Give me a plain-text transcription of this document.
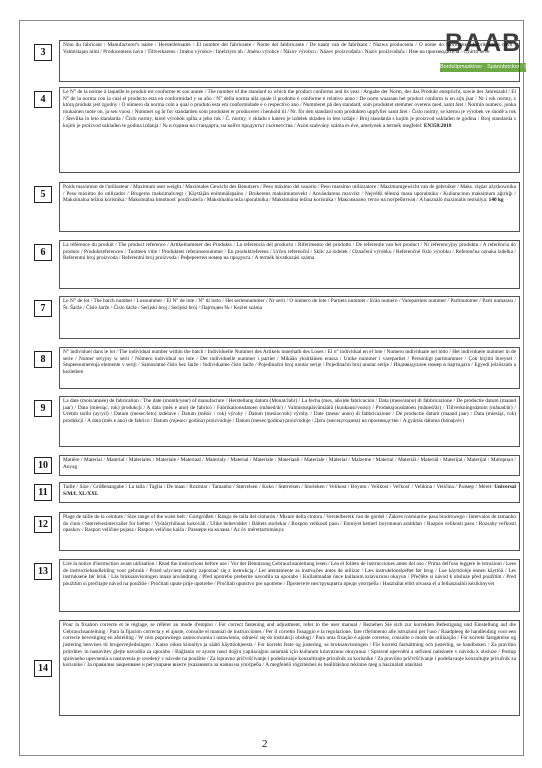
BAAB
Bordslipmaskiner · Spännbrickor · Linjaler
3
Nom du fabricant / Manufacturer's name / Herstellername / El nombre del fabricante / Nome del fabbricante / De naam van de fabrikant / Nazwa producenta / O nome do fabricante / Fabrikantens navn / Valmistajan nimi / Producentens navn / Tillverkarens / Jméno výrobce / Imelztym nh / Jméno výrobce / Názov výrobcu / Název proizvođača / Naziv proizvođača / Име на производителя / Gyártó neve
4
Le N° de la norme à laquelle le produit est conforme et son année / The number of the standard to which the product conforms and its year / Angabe der Norm, der das Produkt entspricht, sowie der Jahreszahl / El N° de la norma con la cual el producto esta en conformidad y su año / N° della norma alla quale il prodotto è conforme e relativo anno / De norm waaraan het product conform is en zijn jaar / Nr i rok normy, z którą produkt jest zgodny / O número da norma com a qual o produto esta em conformidade e o respectivo ano / Nummeret på den standard, som produktet stemmer overens med, samt året / Normin numero, jonka mukainen tuote on, ja sen vuosi / Nummer og år for standarden som produktet er produceret i henhold til / Nr. för den standard som produkten uppfyller samt året / Číslo normy, se kterou je výrobek ve shodě a rok / Številka in leto standarda / Číslo normy, ktoré výrobok spĺňa a jeho rok / Č. normy, v skladu s katero je izdelek skladen in leto izdaje / Broj standarda s kojim je proizvod usklađen te godina / Broj standarda s kojim je proizvod usklađen te godina izdanja / № и година на стандарта, на който продуктът съответства / Azon szabvány száma és éve, amelynek a termék megfelel: EN358:2018
5
Poids maximum de l'utilisateur / Maximum user weight / Maximales Gewicht des Benutzers / Peso máximo del usuario / Peso massimo utilizzatore / Maximumgewicht van de gebruiker / Maks. ciężar użytkownika / Peso máximo do utilizador / Brugerns maksimalvægt / Käyttäjän enimmäispaino / Brukerens maksimumsvekt / Användarens maxvikt / Největší tělesná masa uporabnika / Kullanıcının maksimum ağırlığı / Maksimalna težina korisnika / Maksimálna hmotnosť používateľa / Maksimalna teža uporabnika / Maksimalna težina korisnika / Максимално тегло на потребителя / A használó maximális testsúlya: 140 kg
6
La référence du produit / The product reference / Artikelnummer des Produkts / La referencia del producto / Riferimento del prodotto / De referentie van het product / Nr referencyjny produktu / A referência do produto / Produktreferencen / Tuotteen viite / Produktets referansenummer / En produktreferens / Určen referenční / Sklic za izdelek / Označení výrobku / Referenčné číslo výrobku / Referenčna oznaka izdelka / Referentni broj proizvoda / Referentni broj proizvoda / Референтен номер на продукта / A termék hivatkozási száma
7
Le N° de lot / The batch number / Losnummer / El N° de lote / N° di lotto / Het seriennummer / Nr serii / O número de lote / Partiets nummer / Erän numero / Varepartiets nummer / Partinummer / Parti numarası / Št. Šarže / Číslo šarže / Číslo šarže / Serijski broj / Serijski broj / Партиден № / Kezlet száma
8
N° individuel dans le lot / The individual number within the batch / Individuelle Nummer des Artikels innerhalb des Loses / El n° individual en el lote / Numero individuale nel lotto / Het individuele nummer in de serie / Numer seryjny w serii / Número individual no lote / Det individuelle nummer i partiet / Mikään yksittäinen erassa / Unike nummer i varepartiet / Personligt partinummer / Çok biçimi bireysel / Stupeenumerenja elemente v seriji / Samostatné číslo bez šarže / Individualne číslo šarže / Pojedinačni broj unutar serije / Pojedinačni broj unutar serije / Индивидуален номер в партидата / Egyedi jelzőszám a kezletben
9
La date (mois/année) de fabrication / The date (month/year) of manufacture / Herstellung datum (Monat/Jahr) / La fecha (mes, año)de fabricación / Data (mese/anno) di fabbricazione / De productie datum (maand jaar) / Data (miesiąc, rok) produkcji / A data (mês e ano) de fabrico / Fabrikationsdatoen (måned/år) / Valmistuspäivämäärä (kuukausi/vuosi) / Produksjonsdatoen (måned/år) / Tillverkningsdatum (månad/år) / Uretim tarihi (ay/yıl) / Datum (mesec/leto) izdelave / Datum (měsíc / rok) výroby / Datum (mesiac/rok) výroby / Date (mese/ anno) di fabbricazione / De productie datum (maand jaar) / Data (miesiąc, rok) produkcji / A data (mês e ano) de fabrico / Datum (mjesec/ godina) proizvodnje / Datum (mesec/godina) proizvodnje / Дата (месец/година) на производство / A gyártás dátuma (hónap/év)
10	Matière / Material / Material / Materiales / Materiale / Materiaal / Materiały / Material / Materiale / Materiaali / Materiale / Material / Malzeme / Material / Materiál / Materiál / Materijal / Materijal / Материал / Anyag
11	Taille / Size / Größenangabe / La talla / Taglia / De maat / Rozmiar / Tamanho / Størrelsen / Koko / Størrelsen / Storleken / Velikost / Boyutu / Velikost / Veľkosť / Velikina / Veličina / Размер / Méret: Universal S/M/L XL/XXL
12
Plage de taille de la ceinture / Size range of the waist belt / Gurtgrößen / Rango de talla del cinturón / Misure della cintura / Verstelbereik van de gordel / Zakres rozmiarów pasa biodrowego / Intervalos de tamanho do cinto / Størrelsesintervaller for bæltet / Vyötäryhihnan kokoväli / Ulike beltevidder / Bältets storlekar / Rozpon velikosti pasu / Emniyet kemeri boyutunun aralıkları / Razpon velikosti pasu / Rozsahy veľkosti opaskov / Raspon veličine pojasa / Raspon veličine kaiša / Размери на колана / Az öv mérettartománya
13
Lire la notice d'instruction avant utilisation / Read the instructions before use / Vor der Benutzung Gebrauchsanleitung lesen / Lea el folleto de instrucciones antes del uso / Prima dell'uso leggere le istruzioni / Lees de instructiehandleiding voor gebruik / Przed użyciem należy zapoznać się z instrukcją / Ler atentamente as instruções antes de utilizar / Læs instruktionshæftet før brug / Lue käyttöohje ennen käyttöä / Les instruksene før bruk / Läs bruksanvisningen innan användning / Před upotrebo preberite navodila za uporabo / Kullanmadan önce kullanım kılavuzunu okuyun / Přečtěte si návod k obsluze před použitím / Pred použitím si prečítajte návod na použitie / Pročitati upute prije upotrebe / Pročitati uputstvo pre upotrebe / Прочетете инструкцията преди употреба / Használat előtt olvassa el a felhasználói kézikönyvet
14
Pour la fixation correcte et le réglage, se référer au mode d'emploi / For correct fastening and adjustment, refer to the user manual / Beziehen Sie sich zur korrekten Befestigung und Einstellung auf die Gebrauchsanleitung / Para la fijación correcta y el ajuste, consulte el manual de instrucciones / Per il corretto fissaggio e la regolazione, fare riferimento alle istruzioni per l'uso / Raadpleeg de handleiding voor een correcte bevestiging en afstelling / W celu poprawnego zamocowania i ustawienia, odnieść się do instrukcji obsługi / Para uma fixação e ajuste corretos, consulte o modo de utilização / For korrekt fastgørelse og justering henvises til brugervejledningen / Katso oikea kiinnitys ja säätö käyttöohjeesta / For korrekt feste og justering, se bruksanvisningen / För korrekt fastsättning och justering, se handboken / Za pravilno pritrditev in nastavitev glejte navodila za uporabo / Bağlama ve ayarın nasıl doğru yapılacağını anlamak için kullanım kılavuzunu okuyunuz / Správné upevnění a seřízení naleznete v návodu k obsluze / Postup správneho upevnenia a nastavenia je uvedený v návode na použitie / Za ispravno pričvršćivanje i podešavanje konzultirajte priručnik za korisnike / Za pravilno pričvršćivanje i podešavanje konzultujte priručnik za korisnike / За правилно закрепване и регулиране вижте указанията за начин на употреба / A megfelelő rögzítéshez és beállításhoz tekintse meg a használati utasítást
2
